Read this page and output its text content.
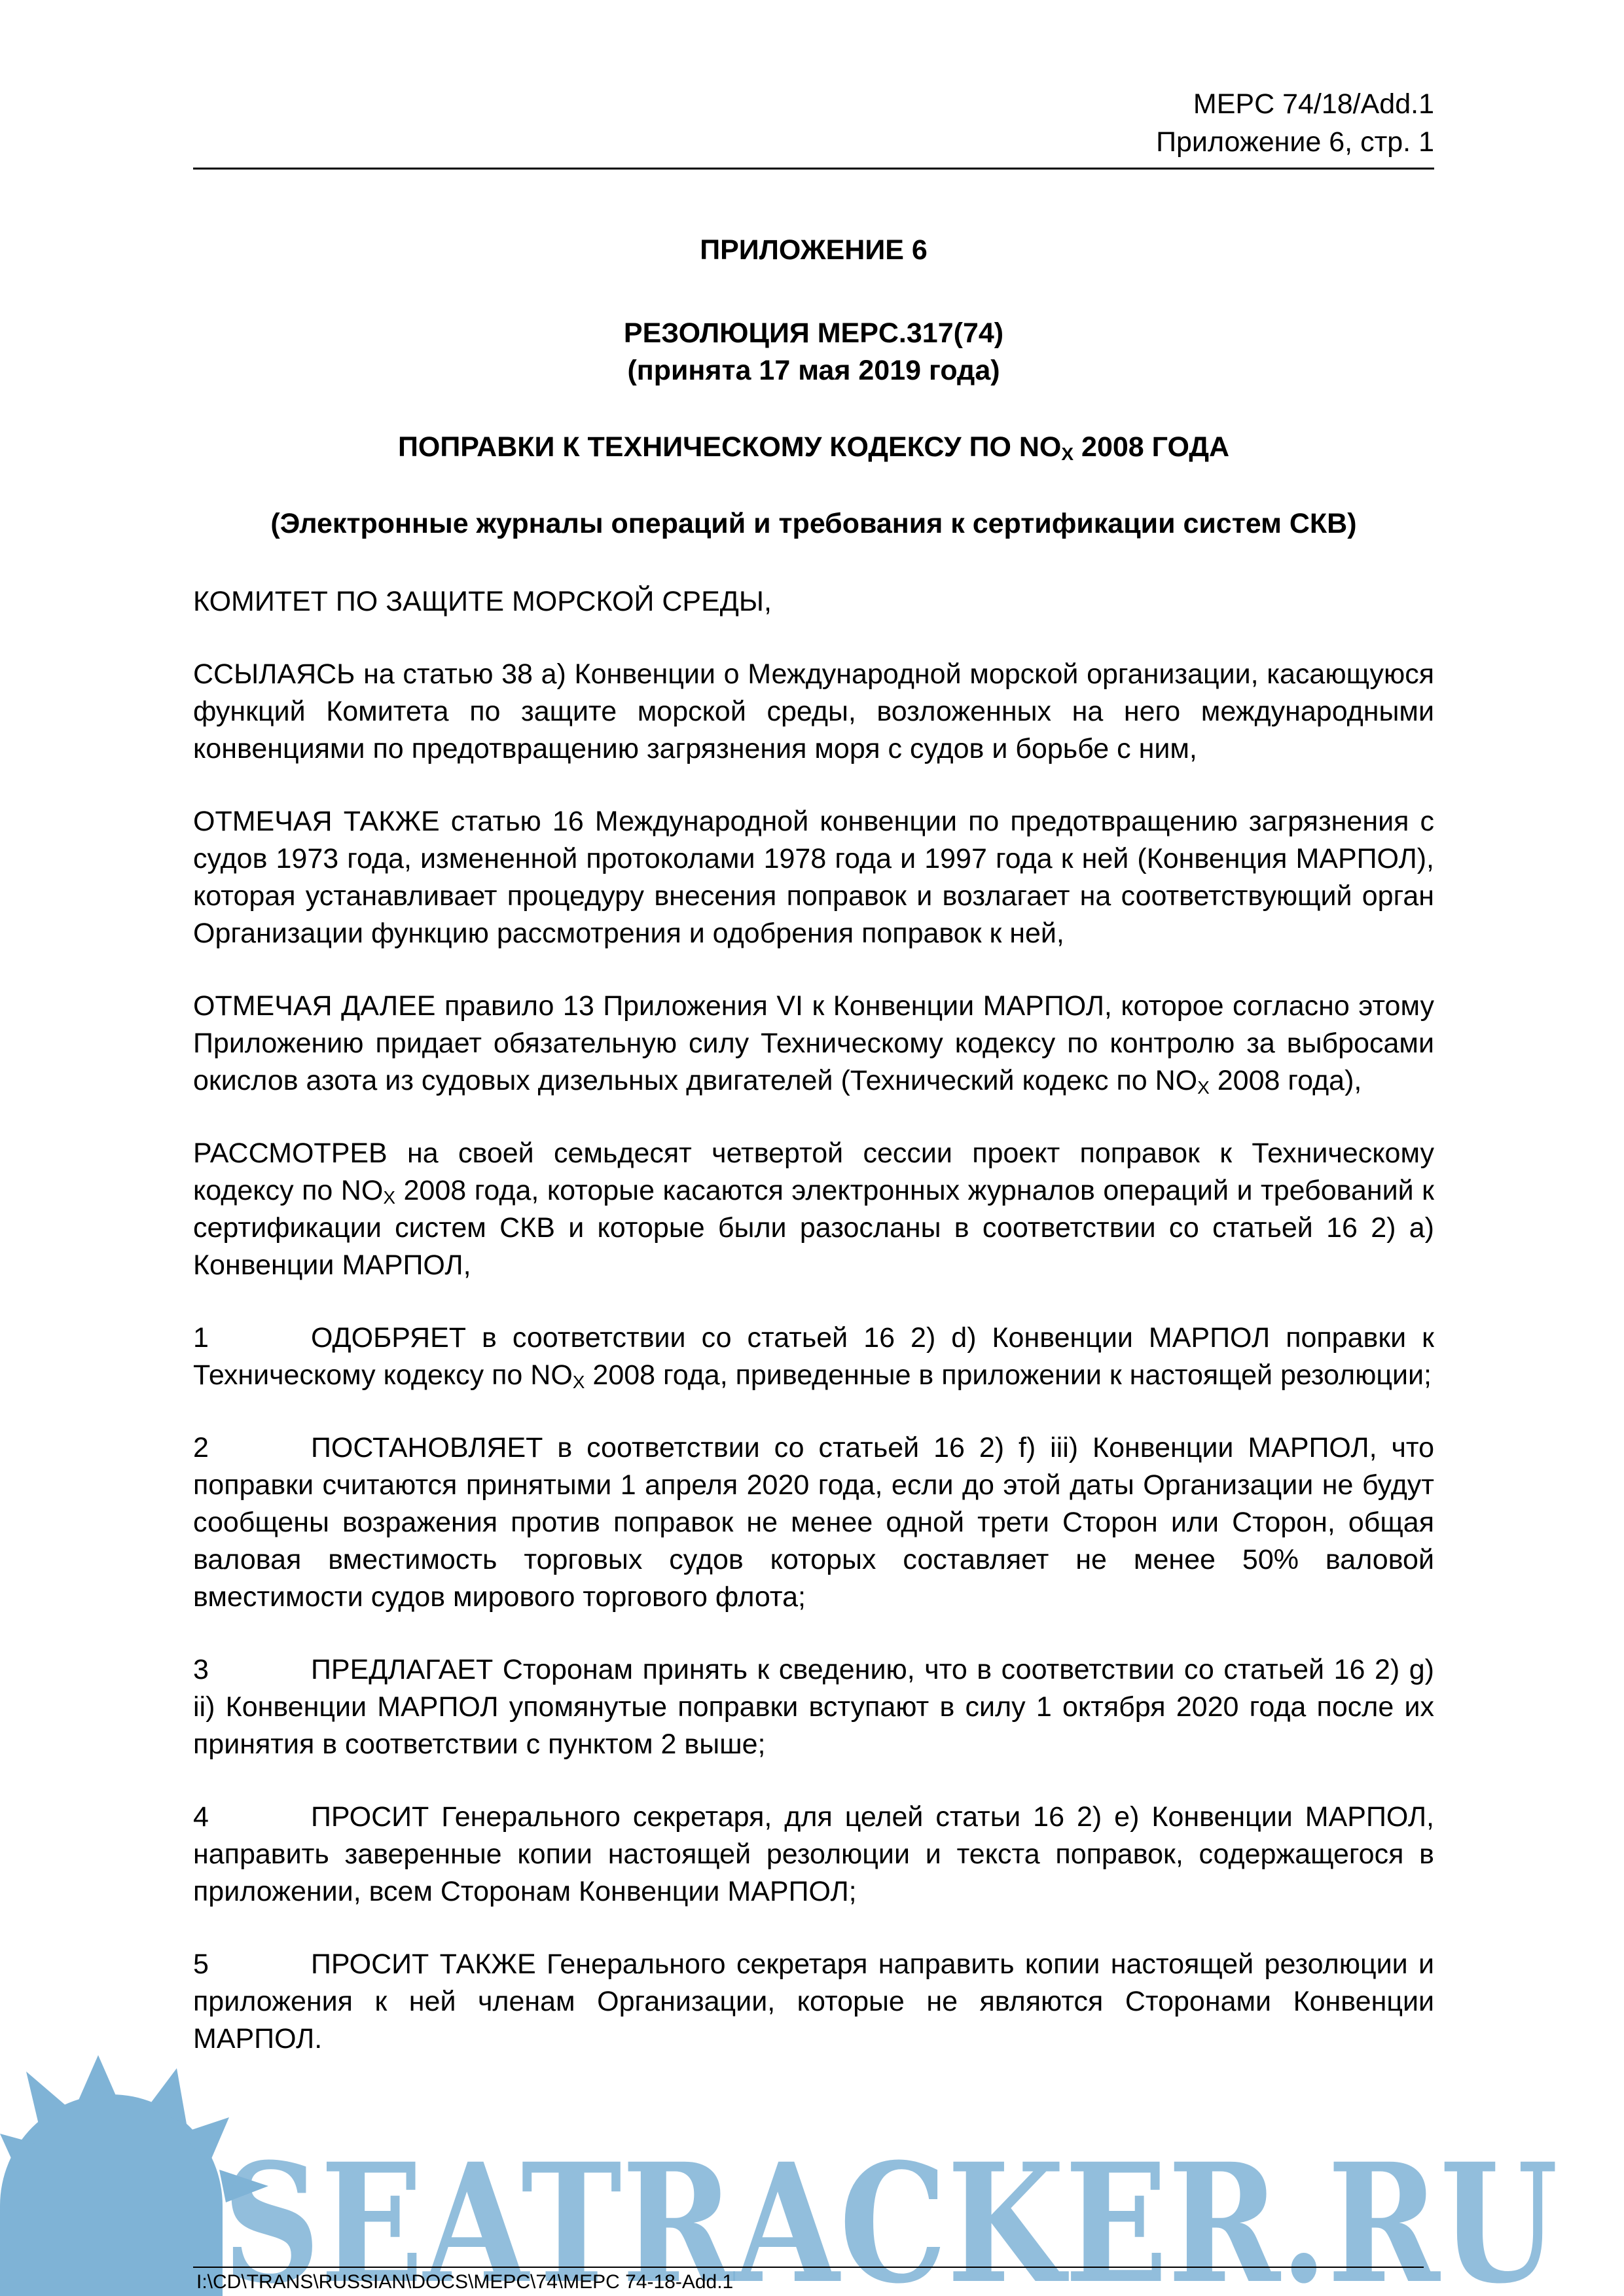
MEPC 74/18/Add.1
Приложение 6, стр. 1

ПРИЛОЖЕНИЕ 6

РЕЗОЛЮЦИЯ MEPC.317(74)

(принята 17 мая 2019 года)

ПОПРАВКИ К ТЕХНИЧЕСКОМУ КОДЕКСУ ПО $NO_X$ 2008 ГОДА

(Электронные журналы операций и требования к сертификации систем СКВ)

КОМИТЕТ ПО ЗАЩИТЕ МОРСКОЙ СРЕДЫ,

ССЫЛАЯСЬ на статью 38 a) Конвенции о Международной морской организации, касающуюся функций Комитета по защите морской среды, возложенных на него международными конвенциями по предотвращению загрязнения моря с судов и борьбе с ним,

ОТМЕЧАЯ ТАКЖЕ статью 16 Международной конвенции по предотвращению загрязнения с судов 1973 года, измененной протоколами 1978 года и 1997 года к ней (Конвенция МАРПОЛ), которая устанавливает процедуру внесения поправок и возлагает на соответствующий орган Организации функцию рассмотрения и одобрения поправок к ней,

ОТМЕЧАЯ ДАЛЕЕ правило 13 Приложения VI к Конвенции МАРПОЛ, которое согласно этому Приложению придает обязательную силу Техническому кодексу по контролю за выбросами окислов азота из судовых дизельных двигателей (Технический кодекс по $NO_X$ 2008 года),

РАССМОТРЕВ на своей семьдесят четвертой сессии проект поправок к Техническому кодексу по $NO_X$ 2008 года, которые касаются электронных журналов операций и требований к сертификации систем СКВ и которые были разосланы в соответствии со статьей 16 2) a) Конвенции МАРПОЛ,

1	ОДОБРЯЕТ в соответствии со статьей 16 2) d) Конвенции МАРПОЛ поправки к Техническому кодексу по $NO_X$ 2008 года, приведенные в приложении к настоящей резолюции;

2	ПОСТАНОВЛЯЕТ в соответствии со статьей 16 2) f) iii) Конвенции МАРПОЛ, что поправки считаются принятыми 1 апреля 2020 года, если до этой даты Организации не будут сообщены возражения против поправок не менее одной трети Сторон или Сторон, общая валовая вместимость торговых судов которых составляет не менее 50% валовой вместимости судов мирового торгового флота;

3	ПРЕДЛАГАЕТ Сторонам принять к сведению, что в соответствии со статьей 16 2) g) ii) Конвенции МАРПОЛ упомянутые поправки вступают в силу 1 октября 2020 года после их принятия в соответствии с пунктом 2 выше;

4	ПРОСИТ Генерального секретаря, для целей статьи 16 2) e) Конвенции МАРПОЛ, направить заверенные копии настоящей резолюции и текста поправок, содержащегося в приложении, всем Сторонам Конвенции МАРПОЛ;

5	ПРОСИТ ТАКЖЕ Генерального секретаря направить копии настоящей резолюции и приложения к ней членам Организации, которые не являются Сторонами Конвенции МАРПОЛ.

SEATRACKER.RU
I:\CD\TRANS\RUSSIAN\DOCS\MEPC\74\MEPC 74-18-Add.1
